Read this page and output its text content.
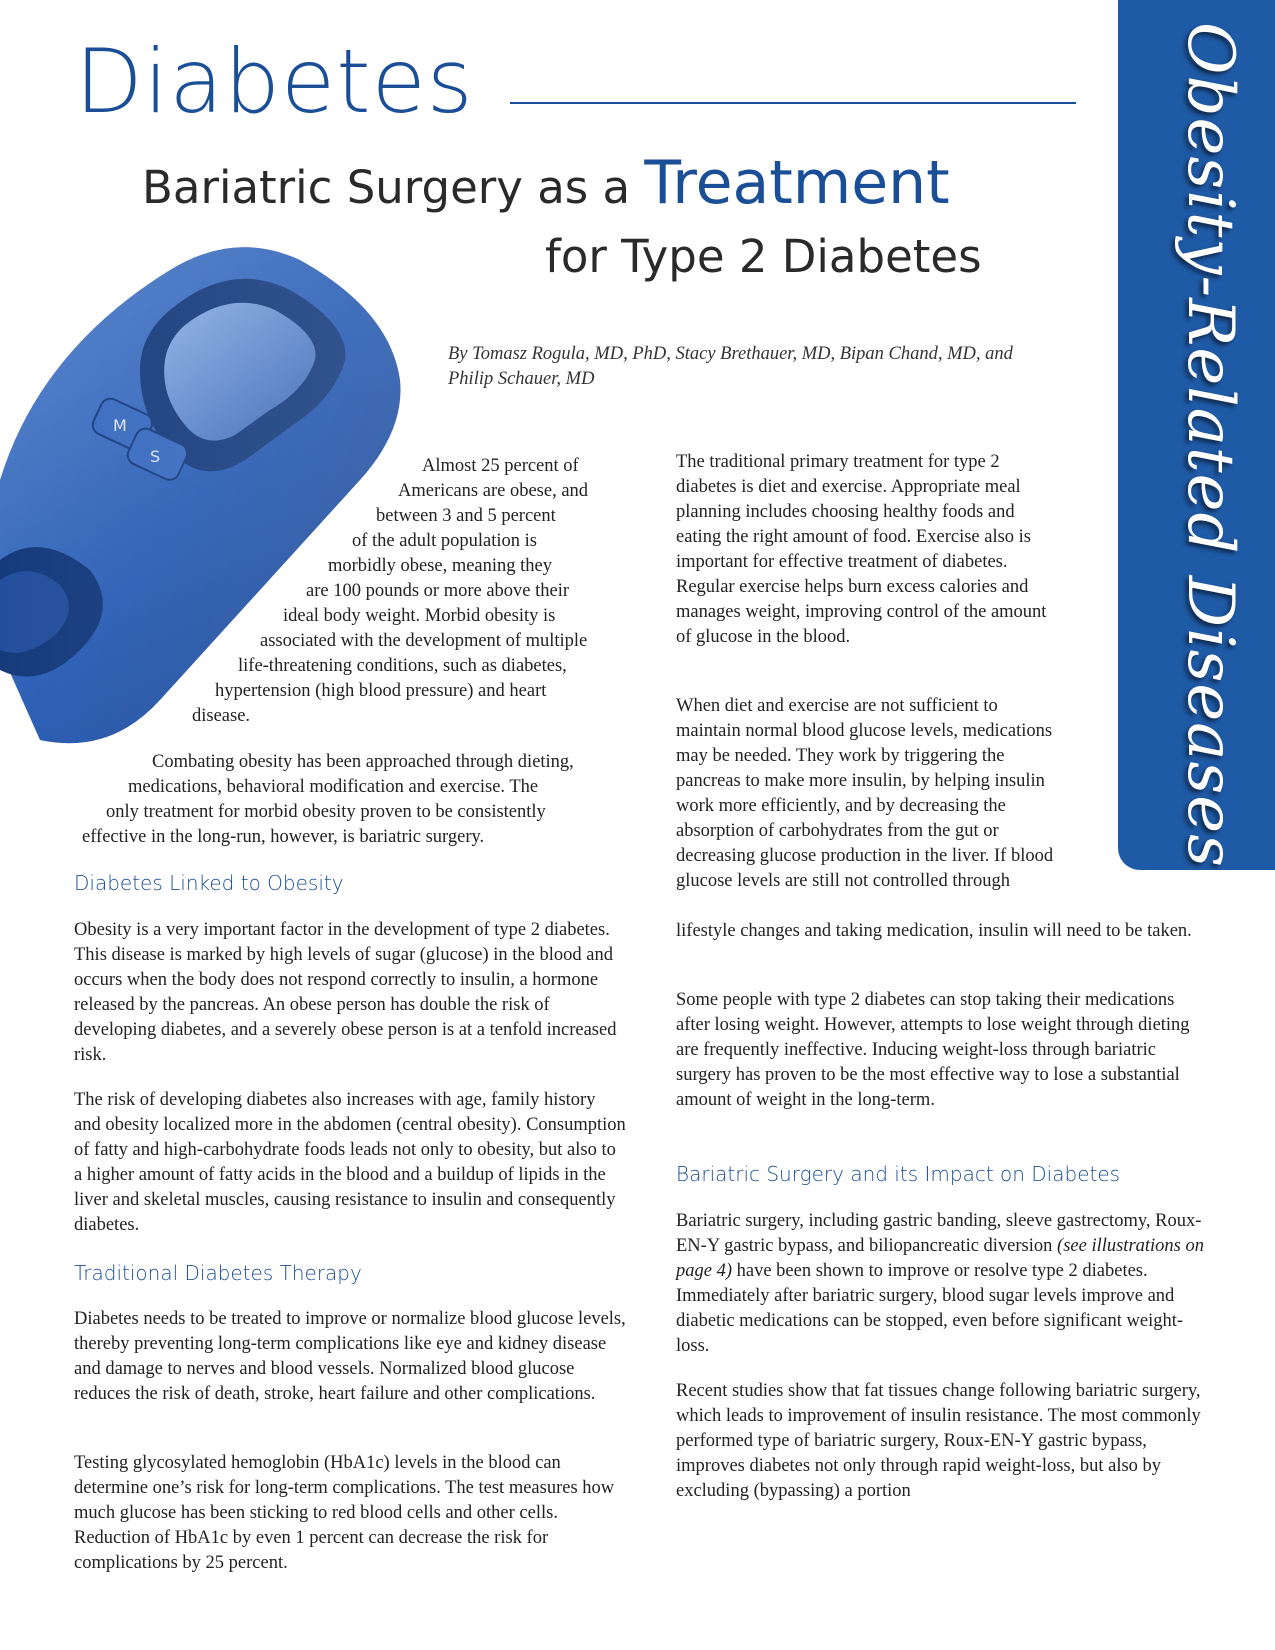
Obesity-Related Diseases
M
S
Diabetes
Bariatric Surgery as a Treatment
for Type 2 Diabetes
By Tomasz Rogula, MD, PhD, Stacy Brethauer, MD, Bipan Chand, MD, and Philip Schauer, MD
Almost 25 percent of
Americans are obese, and
between 3 and 5 percent
of the adult population is
morbidly obese, meaning they
are 100 pounds or more above their
ideal body weight. Morbid obesity is
associated with the development of multiple
life-threatening conditions, such as diabetes,
hypertension (high blood pressure) and heart
disease.
Combating obesity has been approached through dieting,
medications, behavioral modification and exercise. The
only treatment for morbid obesity proven to be consistently
effective in the long-run, however, is bariatric surgery.
Diabetes Linked to Obesity

Obesity is a very important factor in the development of type 2 diabetes. This disease is marked by high levels of sugar (glucose) in the blood and occurs when the body does not respond correctly to insulin, a hormone released by the pancreas. An obese person has double the risk of developing diabetes, and a severely obese person is at a tenfold increased risk.

The risk of developing diabetes also increases with age, family history and obesity localized more in the abdomen (central obesity). Consumption of fatty and high-carbohydrate foods leads not only to obesity, but also to a higher amount of fatty acids in the blood and a buildup of lipids in the liver and skeletal muscles, causing resistance to insulin and consequently diabetes.

Traditional Diabetes Therapy

Diabetes needs to be treated to improve or normalize blood glucose levels, thereby preventing long-term complications like eye and kidney disease and damage to nerves and blood vessels. Normalized blood glucose reduces the risk of death, stroke, heart failure and other complications.

Testing glycosylated hemoglobin (HbA1c) levels in the blood can determine one’s risk for long-term complications. The test measures how much glucose has been sticking to red blood cells and other cells. Reduction of HbA1c by even 1 percent can decrease the risk for complications by 25 percent.

The traditional primary treatment for type 2 diabetes is diet and exercise. Appropriate meal planning includes choosing healthy foods and eating the right amount of food. Exercise also is important for effective treatment of diabetes. Regular exercise helps burn excess calories and manages weight, improving control of the amount of glucose in the blood.

When diet and exercise are not sufficient to maintain normal blood glucose levels, medications may be needed. They work by triggering the pancreas to make more insulin, by helping insulin work more efficiently, and by decreasing the absorption of carbohydrates from the gut or decreasing glucose production in the liver. If blood glucose levels are still not controlled through

lifestyle changes and taking medication, insulin will need to be taken.

Some people with type 2 diabetes can stop taking their medications after losing weight. However, attempts to lose weight through dieting are frequently ineffective. Inducing weight-loss through bariatric surgery has proven to be the most effective way to lose a substantial amount of weight in the long-term.

Bariatric Surgery and its Impact on Diabetes

Bariatric surgery, including gastric banding, sleeve gastrectomy, Roux-EN-Y gastric bypass, and biliopancreatic diversion (see illustrations on page 4) have been shown to improve or resolve type 2 diabetes. Immediately after bariatric surgery, blood sugar levels improve and diabetic medications can be stopped, even before significant weight-loss.

Recent studies show that fat tissues change following bariatric surgery, which leads to improvement of insulin resistance. The most commonly performed type of bariatric surgery, Roux-EN-Y gastric bypass, improves diabetes not only through rapid weight-loss, but also by excluding (bypassing) a portion
